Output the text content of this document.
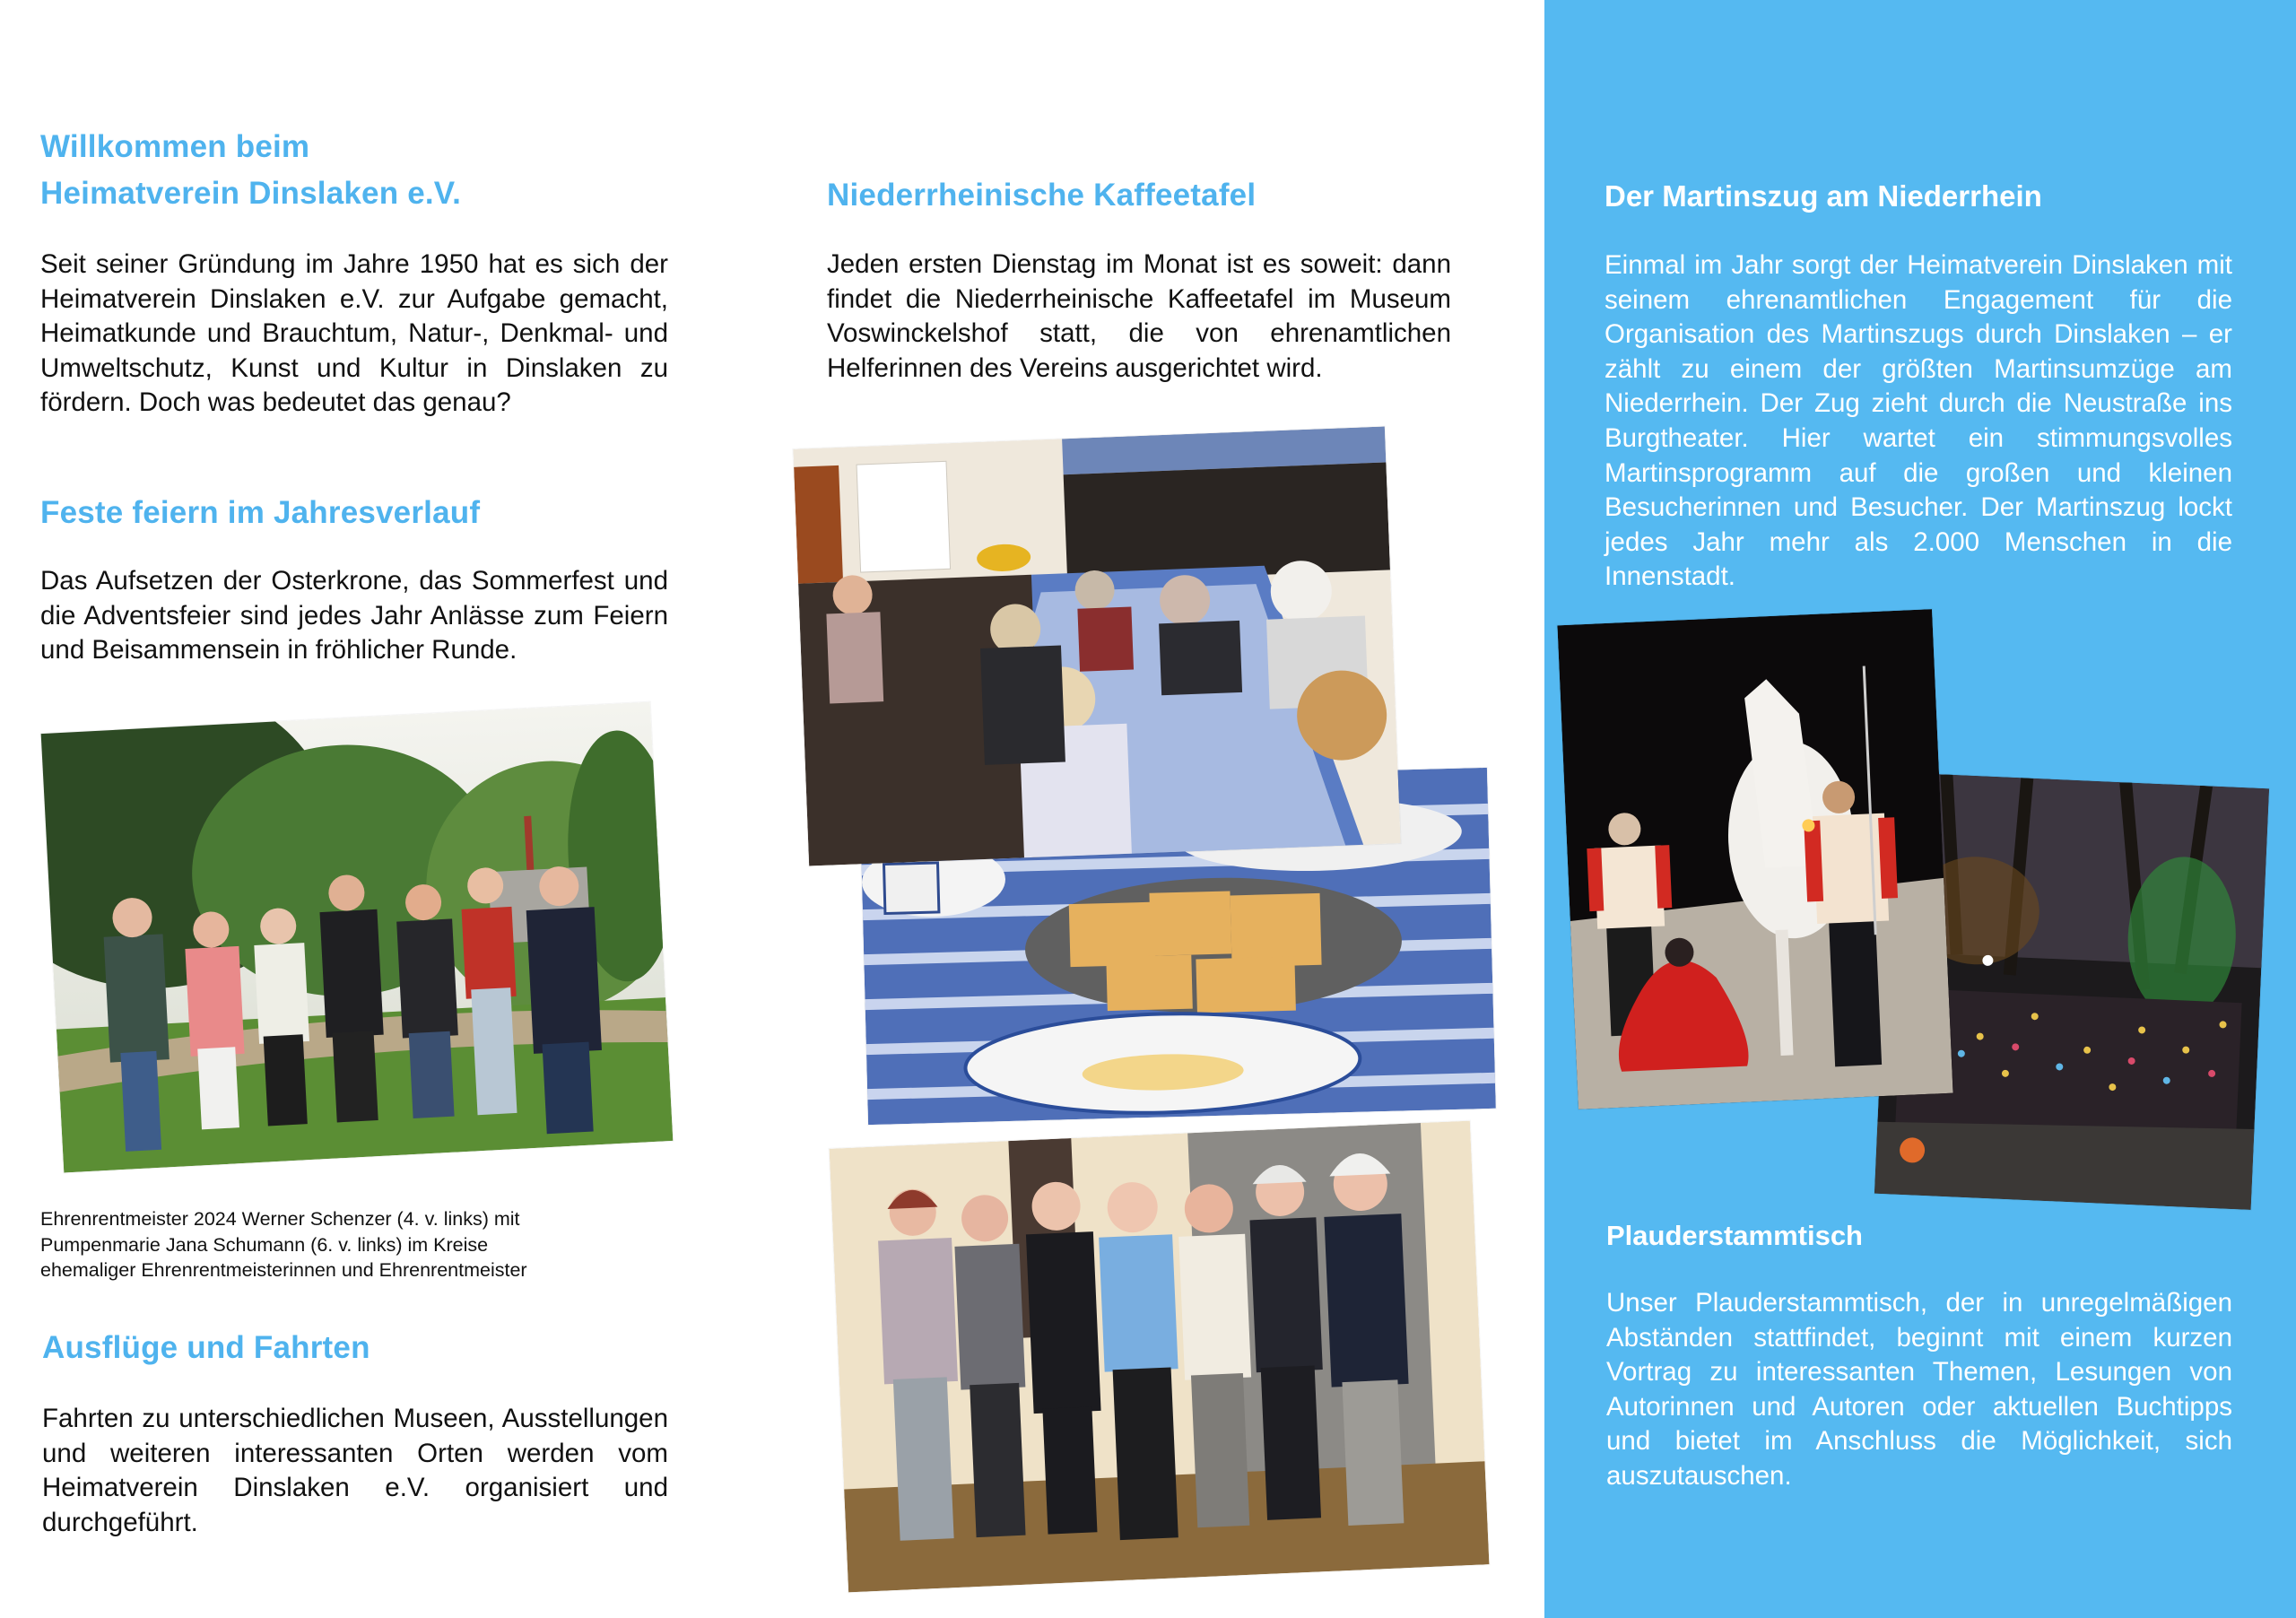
Willkommen beim
Heimatverein Dinslaken e.V.

Seit seiner Gründung im Jahre 1950 hat es sich der Heimatverein Dinslaken e.V. zur Aufgabe gemacht, Heimatkunde und Brauchtum, Natur-, Denkmal- und Umweltschutz, Kunst und Kultur in Dinslaken zu fördern. Doch was bedeutet das genau?

Feste feiern im Jahresverlauf

Das Aufsetzen der Osterkrone, das Sommerfest und die Adventsfeier sind jedes Jahr Anlässe zum Feiern und Beisammensein in fröhlicher Runde.

Ehrenrentmeister 2024 Werner Schenzer (4. v. links) mit
Pumpenmarie Jana Schumann (6. v. links) im Kreise
ehemaliger Ehrenrentmeisterinnen und Ehrenrentmeister

Ausflüge und Fahrten

Fahrten zu unterschiedlichen Museen, Ausstellungen und weiteren interessanten Orten werden vom Heimatverein Dinslaken e.V. organisiert und durchgeführt.

Niederrheinische Kaffeetafel

Jeden ersten Dienstag im Monat ist es soweit: dann findet die Niederrheinische Kaffeetafel im Museum Voswinckelshof statt, die von ehrenamtlichen Helferinnen des Vereins ausgerichtet wird.

Der Martinszug am Niederrhein

Einmal im Jahr sorgt der Heimatverein Dinslaken mit seinem ehrenamtlichen Engagement für die Organisation des Martinszugs durch Dinslaken – er zählt zu einem der größten Martinsumzüge am Niederrhein. Der Zug zieht durch die Neustraße ins Burgtheater. Hier wartet ein stimmungsvolles Martinsprogramm auf die großen und kleinen Besucherinnen und Besucher. Der Martinszug lockt jedes Jahr mehr als 2.000 Menschen in die Innenstadt.

Plauderstammtisch

Unser Plauderstammtisch, der in unregelmäßigen Abständen stattfindet, beginnt mit einem kurzen Vortrag zu interessanten Themen, Lesungen von Autorinnen und Autoren oder aktuellen Buchtipps und bietet im Anschluss die Möglichkeit, sich auszutauschen.
